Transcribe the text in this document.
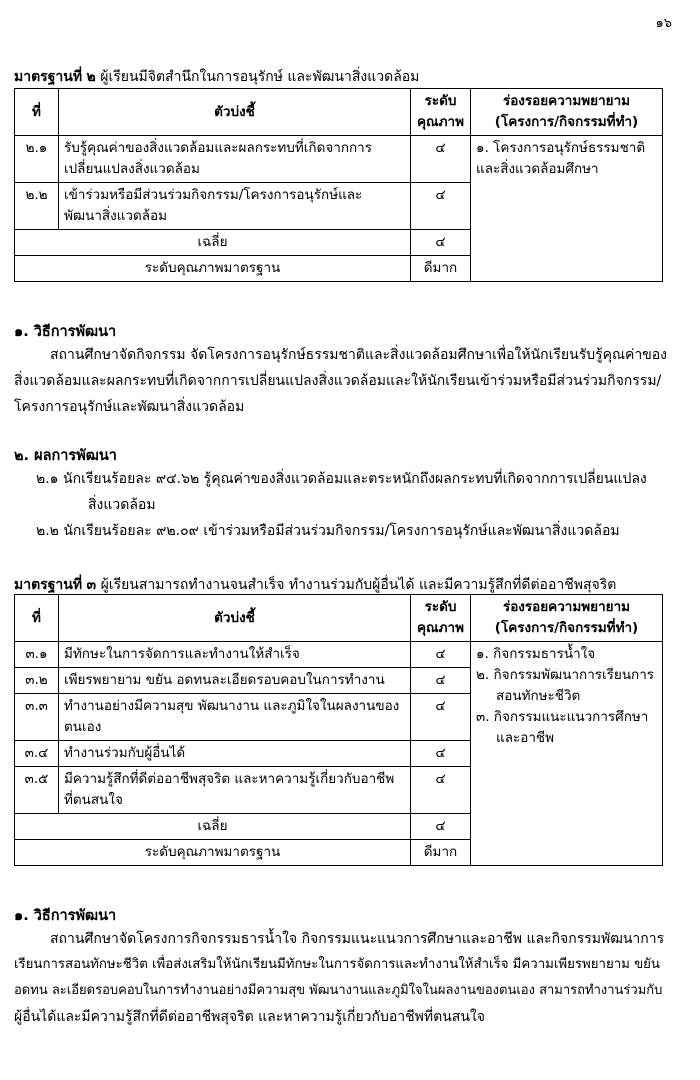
๑๖
มาตรฐานที่ ๒ ผู้เรียนมีจิตสำนึกในการอนุรักษ์ และพัฒนาสิ่งแวดล้อม
ที่	ตัวบ่งชี้	ระดับ
คุณภาพ	ร่องรอยความพยายาม
(โครงการ/กิจกรรมที่ทำ)
๒.๑	รับรู้คุณค่าของสิ่งแวดล้อมและผลกระทบที่เกิดจากการ
เปลี่ยนแปลงสิ่งแวดล้อม	๔	๑. โครงการอนุรักษ์ธรรมชาติ
และสิ่งแวดล้อมศึกษา
๒.๒	เข้าร่วมหรือมีส่วนร่วมกิจกรรม/โครงการอนุรักษ์และ
พัฒนาสิ่งแวดล้อม	๔	
เฉลี่ย		๔	
ระดับคุณภาพมาตรฐาน		ดีมาก	
๑. วิธีการพัฒนา
สถานศึกษาจัดกิจกรรม จัดโครงการอนุรักษ์ธรรมชาติและสิ่งแวดล้อมศึกษาเพื่อให้นักเรียนรับรู้คุณค่าของ
สิ่งแวดล้อมและผลกระทบที่เกิดจากการเปลี่ยนแปลงสิ่งแวดล้อมและให้นักเรียนเข้าร่วมหรือมีส่วนร่วมกิจกรรม/
โครงการอนุรักษ์และพัฒนาสิ่งแวดล้อม
๒. ผลการพัฒนา
๒.๑ นักเรียนร้อยละ ๙๔.๖๒ รู้คุณค่าของสิ่งแวดล้อมและตระหนักถึงผลกระทบที่เกิดจากการเปลี่ยนแปลง
สิ่งแวดล้อม
๒.๒ นักเรียนร้อยละ ๙๒.๐๙ เข้าร่วมหรือมีส่วนร่วมกิจกรรม/โครงการอนุรักษ์และพัฒนาสิ่งแวดล้อม
มาตรฐานที่ ๓ ผู้เรียนสามารถทำงานจนสำเร็จ ทำงานร่วมกับผู้อื่นได้ และมีความรู้สึกที่ดีต่ออาชีพสุจริต
ที่	ตัวบ่งชี้	ระดับ
คุณภาพ	ร่องรอยความพยายาม
(โครงการ/กิจกรรมที่ทำ)
๓.๑	มีทักษะในการจัดการและทำงานให้สำเร็จ	๔	๑. กิจกรรมธารน้ำใจ
๒. กิจกรรมพัฒนาการเรียนการ
สอนทักษะชีวิต
๓. กิจกรรมแนะแนวการศึกษา
และอาชีพ

๓.๒	เพียรพยายาม ขยัน อดทนละเอียดรอบคอบในการทำงาน	๔	
๓.๓	ทำงานอย่างมีความสุข พัฒนางาน และภูมิใจในผลงานของ
ตนเอง	๔	
๓.๔	ทำงานร่วมกับผู้อื่นได้	๔	
๓.๕	มีความรู้สึกที่ดีต่ออาชีพสุจริต และหาความรู้เกี่ยวกับอาชีพ
ที่ตนสนใจ	๔	
เฉลี่ย		๔	
ระดับคุณภาพมาตรฐาน		ดีมาก	
๑. วิธีการพัฒนา
สถานศึกษาจัดโครงการกิจกรรมธารน้ำใจ กิจกรรมแนะแนวการศึกษาและอาชีพ และกิจกรรมพัฒนาการ
เรียนการสอนทักษะชีวิต เพื่อส่งเสริมให้นักเรียนมีทักษะในการจัดการและทำงานให้สำเร็จ มีความเพียรพยายาม ขยัน
อดทน ละเอียดรอบคอบในการทำงานอย่างมีความสุข พัฒนางานและภูมิใจในผลงานของตนเอง สามารถทำงานร่วมกับ
ผู้อื่นได้และมีความรู้สึกที่ดีต่ออาชีพสุจริต และหาความรู้เกี่ยวกับอาชีพที่ตนสนใจ
